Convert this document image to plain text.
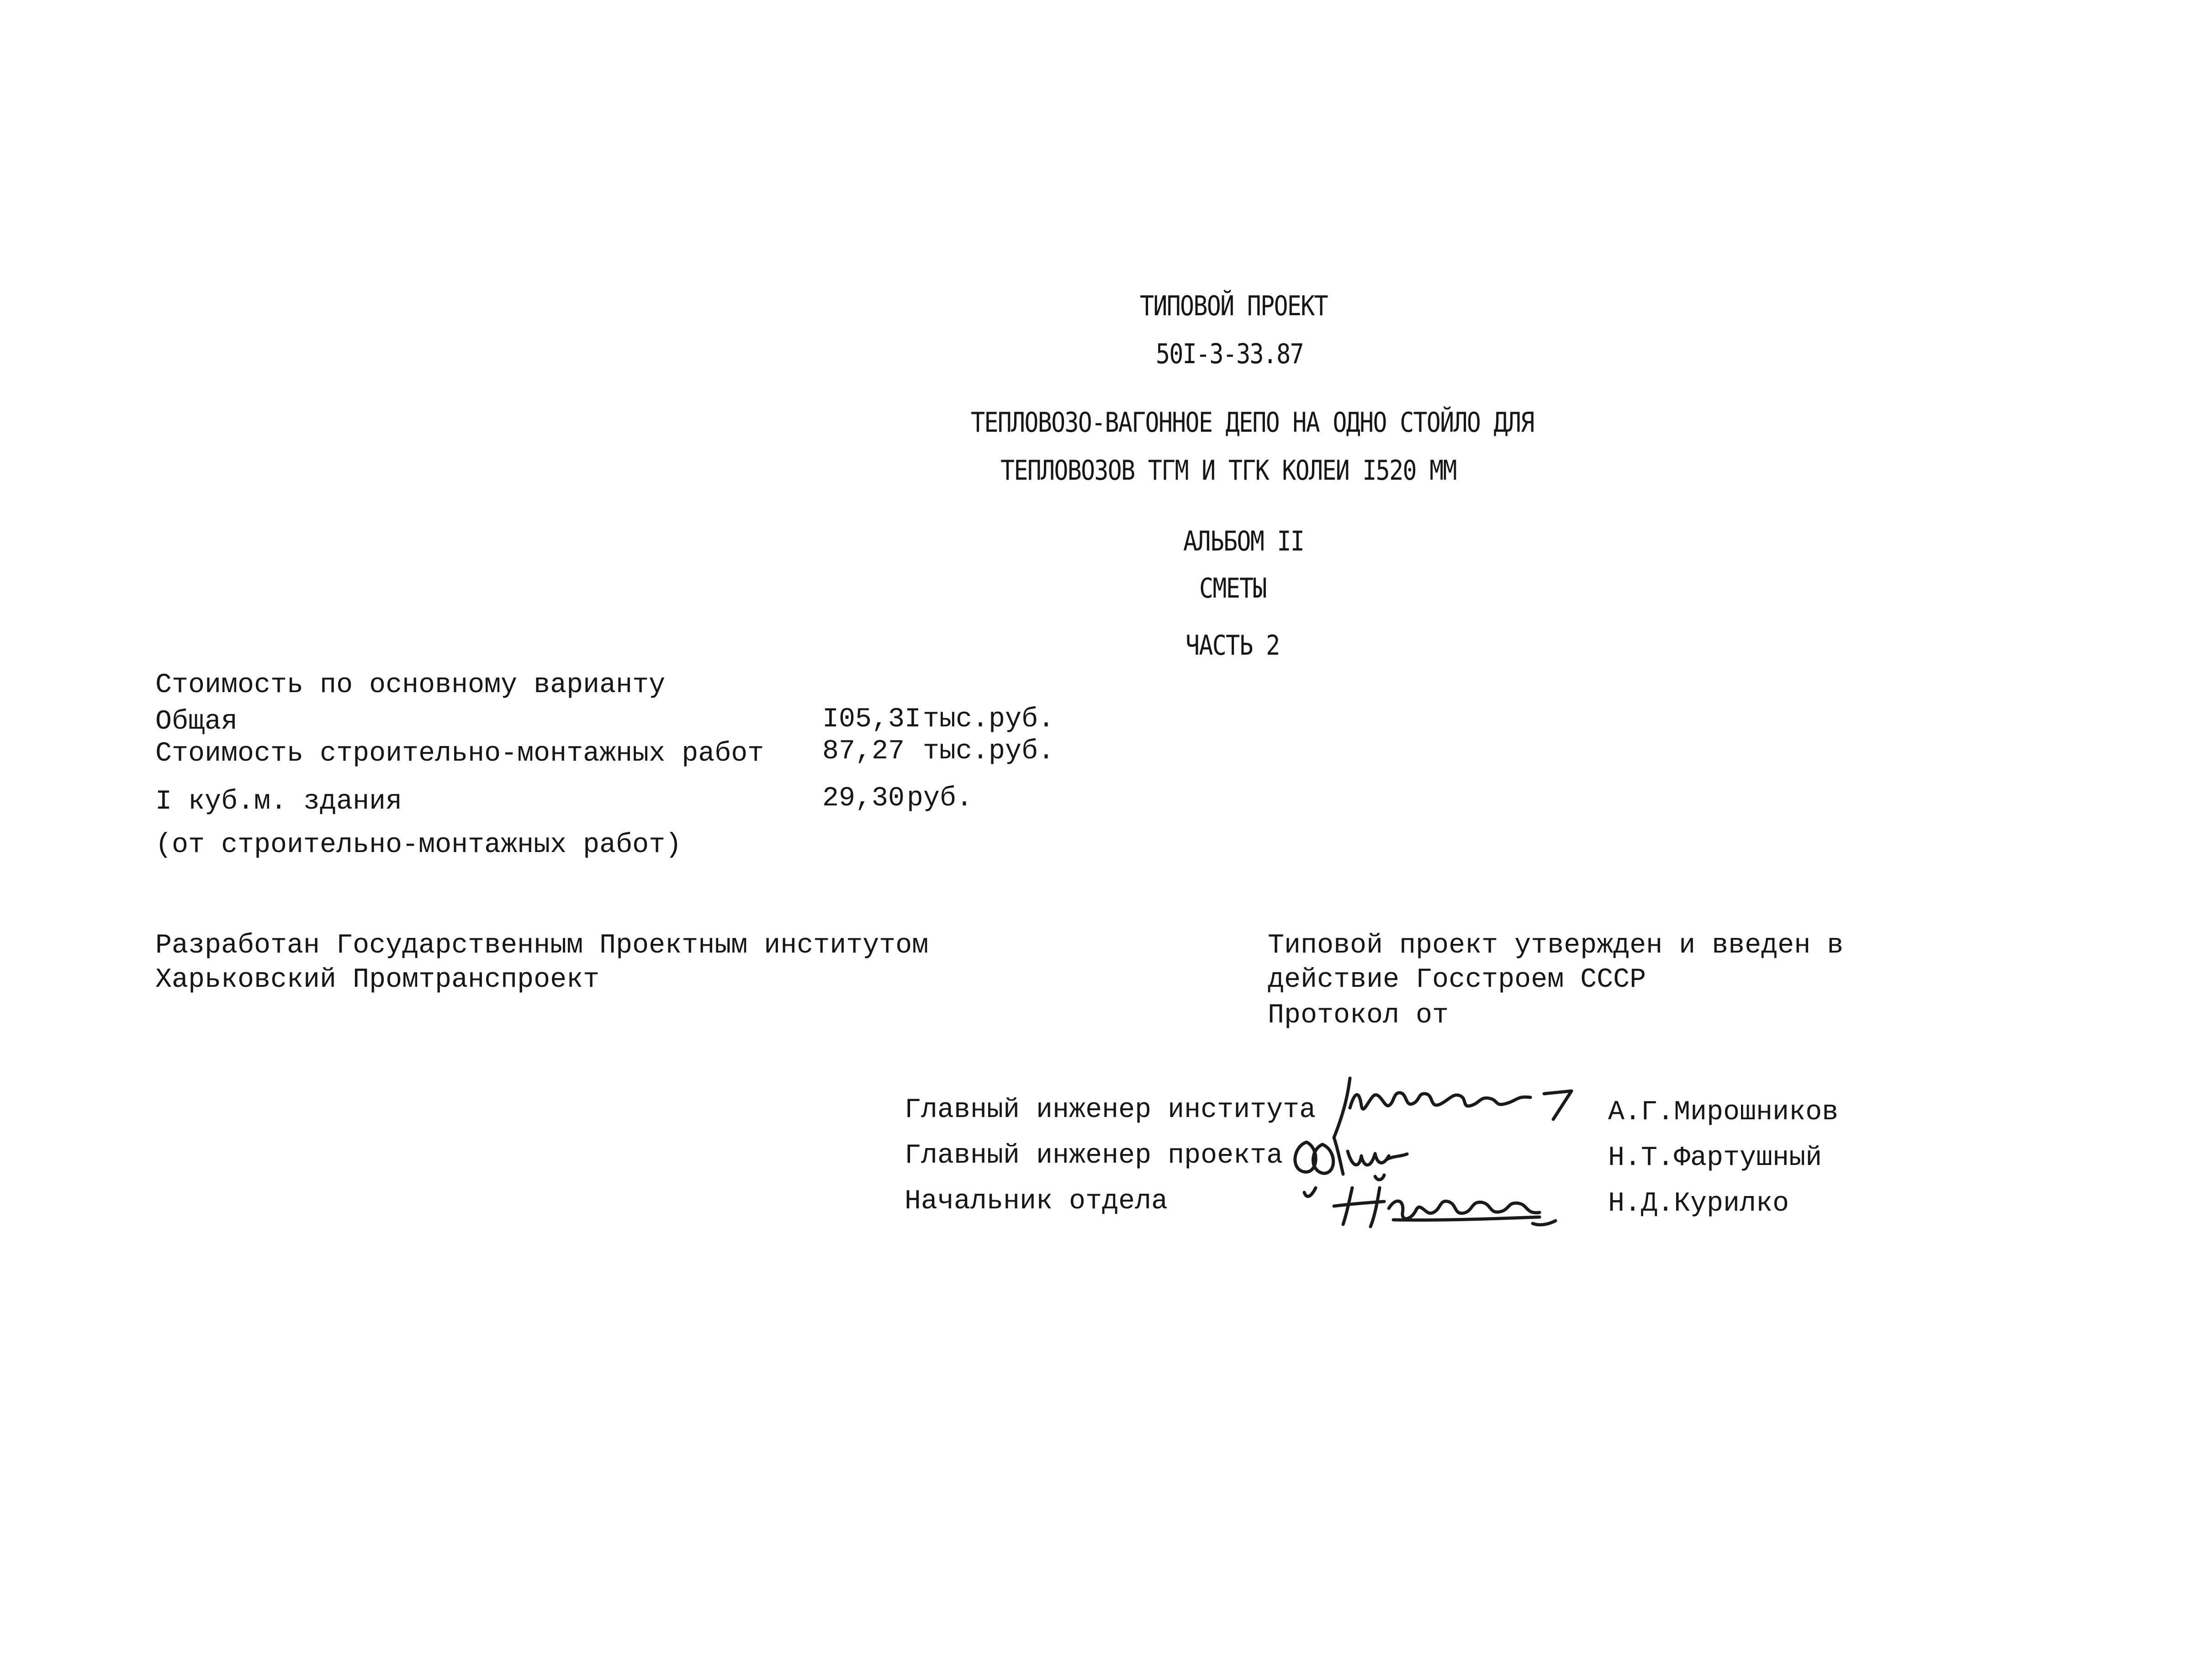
ТИПОВОЙ ПРОЕКТ
50I-3-33.87
ТЕПЛОВОЗО-ВАГОННОЕ ДЕПО НА ОДНО СТОЙЛО ДЛЯ
ТЕПЛОВОЗОВ ТГМ И ТГК КОЛЕИ I520 ММ
АЛЬБОМ II
СМЕТЫ
ЧАСТЬ 2
Стоимость по основному варианту
Общая	I05,3I тыс.руб.
Стоимость строительно-монтажных работ 87,27 тыс.руб.
I куб.м. здания	29,30 руб.
(от строительно-монтажных работ)
Разработан Государственным Проектным институтом
Харьковский Промтранспроект
Типовой проект утвержден и введен в
действие Госстроем СССР
Протокол от
Главный инженер института
Главный инженер проекта
Начальник отдела
А.Г.Мирошников
Н.Т.Фартушный
Н.Д.Курилко
